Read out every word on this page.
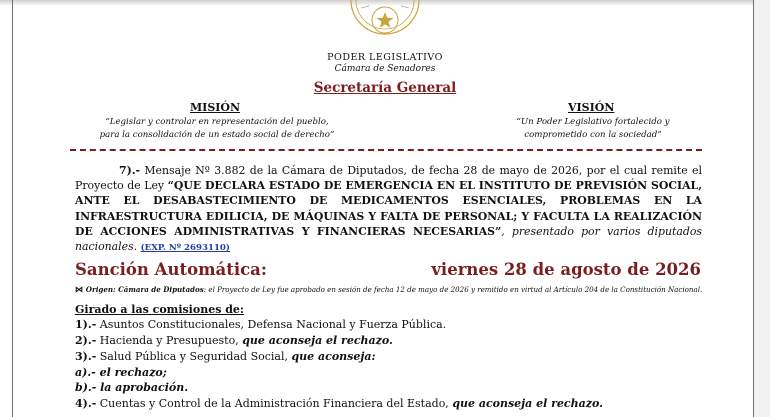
PODER LEGISLATIVO
Cámara de Senadores
Secretaría General
MISIÓN
“Legislar y controlar en representación del pueblo,
para la consolidación de un estado social de derecho”
VISIÓN
“Un Poder Legislativo fortalecido y
comprometido con la sociedad”
7).- Mensaje Nº 3.882 de la Cámara de Diputados, de fecha 28 de mayo de 2026, por el cual remite el Proyecto de Ley “QUE DECLARA ESTADO DE EMERGENCIA EN EL INSTITUTO DE PREVISIÓN SOCIAL, ANTE EL DESABASTECIMIENTO DE MEDICAMENTOS ESENCIALES, PROBLEMAS EN LA INFRAESTRUCTURA EDILICIA, DE MÁQUINAS Y FALTA DE PERSONAL; Y FACULTA LA REALIZACIÓN DE ACCIONES ADMINISTRATIVAS Y FINANCIERAS NECESARIAS”, presentado por varios diputados nacionales. (EXP. Nº 2693110)
Sanción Automática:	viernes 28 de agosto de 2026
⋈ Origen: Cámara de Diputados: el Proyecto de Ley fue aprobado en sesión de fecha 12 de mayo de 2026 y remitido en virtud al Artículo 204 de la Constitución Nacional.
Girado a las comisiones de:
1).- Asuntos Constitucionales, Defensa Nacional y Fuerza Pública.
2).- Hacienda y Presupuesto, que aconseja el rechazo.
3).- Salud Pública y Seguridad Social, que aconseja:
a).- el rechazo;
b).- la aprobación.
4).- Cuentas y Control de la Administración Financiera del Estado, que aconseja el rechazo.
